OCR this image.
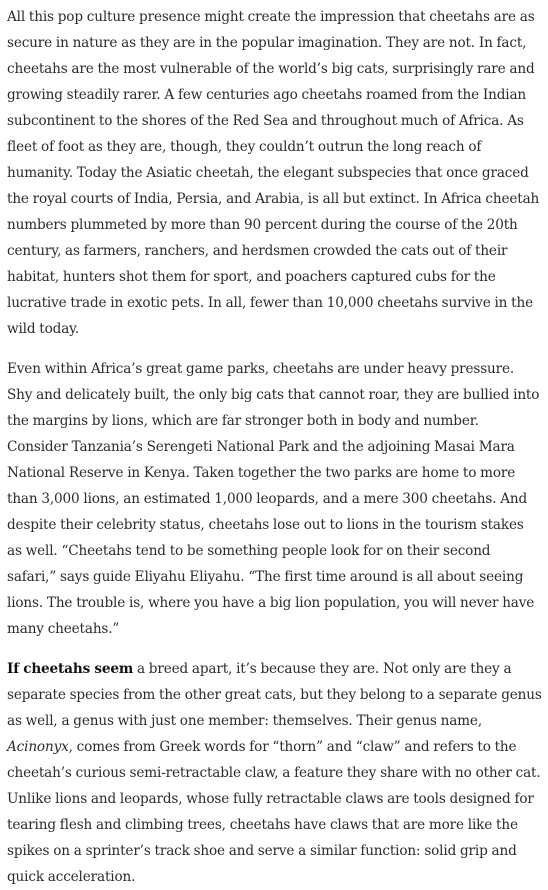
All this pop culture presence might create the impression that cheetahs are as secure in nature as they are in the popular imagination. They are not. In fact, cheetahs are the most vulnerable of the world’s big cats, surprisingly rare and growing steadily rarer. A few centuries ago cheetahs roamed from the Indian subcontinent to the shores of the Red Sea and throughout much of Africa. As fleet of foot as they are, though, they couldn’t outrun the long reach of humanity. Today the Asiatic cheetah, the elegant subspecies that once graced the royal courts of India, Persia, and Arabia, is all but extinct. In Africa cheetah numbers plummeted by more than 90 percent during the course of the 20th century, as farmers, ranchers, and herdsmen crowded the cats out of their habitat, hunters shot them for sport, and poachers captured cubs for the lucrative trade in exotic pets. In all, fewer than 10,000 cheetahs survive in the wild today.

Even within Africa’s great game parks, cheetahs are under heavy pressure. Shy and delicately built, the only big cats that cannot roar, they are bullied into the margins by lions, which are far stronger both in body and number. Consider Tanzania’s Serengeti National Park and the adjoining Masai Mara National Reserve in Kenya. Taken together the two parks are home to more than 3,000 lions, an estimated 1,000 leopards, and a mere 300 cheetahs. And despite their celebrity status, cheetahs lose out to lions in the tourism stakes as well. “Cheetahs tend to be something people look for on their second safari,” says guide Eliyahu Eliyahu. “The first time around is all about seeing lions. The trouble is, where you have a big lion population, you will never have many cheetahs.”

If cheetahs seem a breed apart, it’s because they are. Not only are they a separate species from the other great cats, but they belong to a separate genus as well, a genus with just one member: themselves. Their genus name, Acinonyx, comes from Greek words for “thorn” and “claw” and refers to the cheetah’s curious semi-retractable claw, a feature they share with no other cat. Unlike lions and leopards, whose fully retractable claws are tools designed for tearing flesh and climbing trees, cheetahs have claws that are more like the spikes on a sprinter’s track shoe and serve a similar function: solid grip and quick acceleration.
